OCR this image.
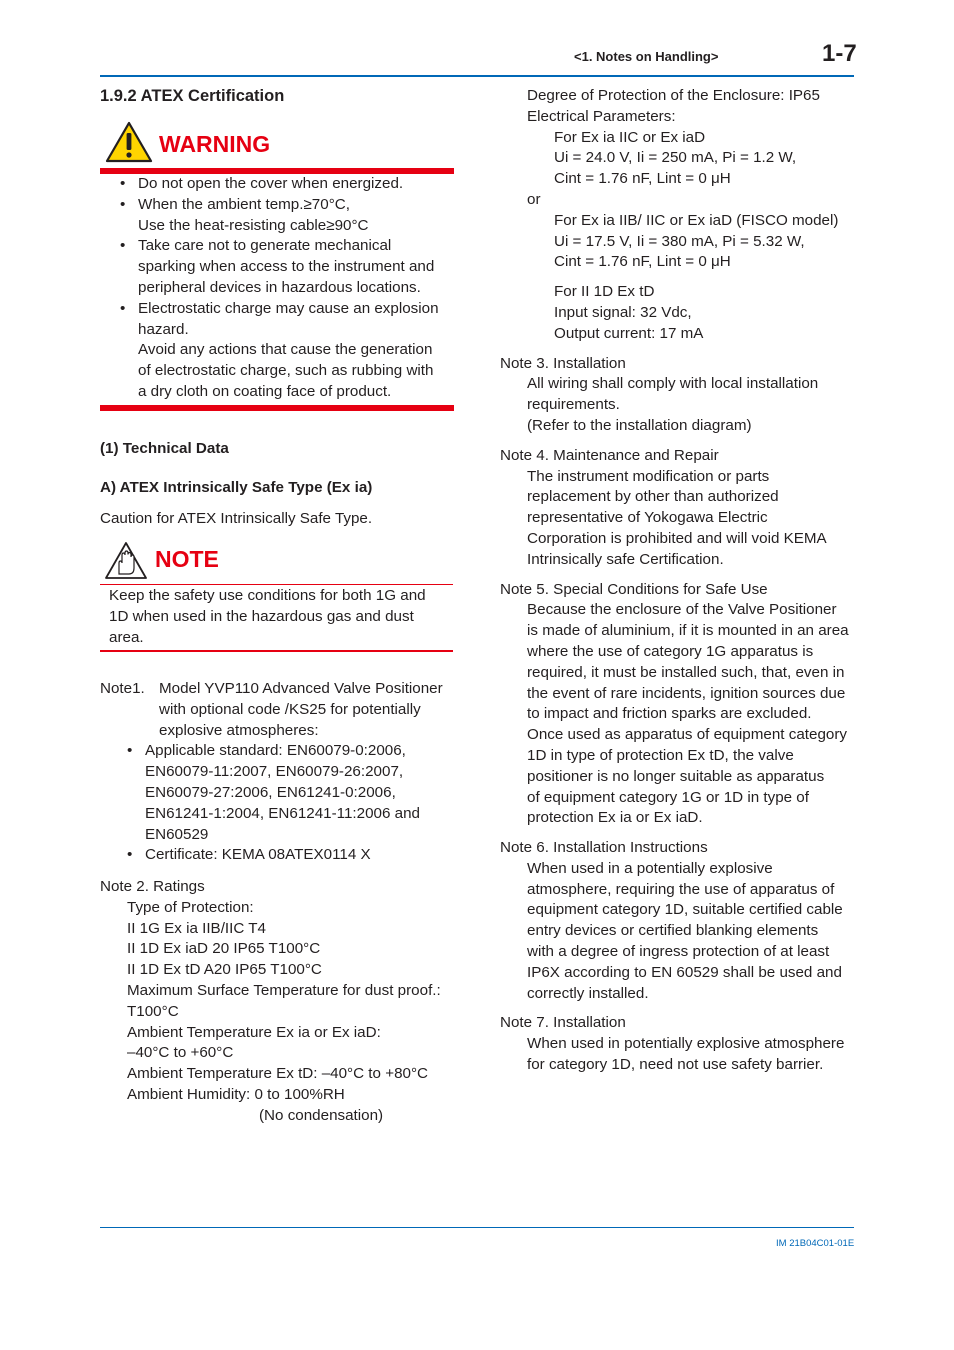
<1. Notes on Handling>	1-7
IM 21B04C01-01E

1.9.2 ATEX Certification

WARNING
• Do not open the cover when energized.
• When the ambient temp.≥70°C,
Use the heat-resisting cable≥90°C
• Take care not to generate mechanical
sparking when access to the instrument and
peripheral devices in hazardous locations.
• Electrostatic charge may cause an explosion
hazard.
Avoid any actions that cause the generation
of electrostatic charge, such as rubbing with
a dry cloth on coating face of product.

(1) Technical Data

A) ATEX Intrinsically Safe Type (Ex ia)

Caution for ATEX Intrinsically Safe Type.

NOTE

Keep the safety use conditions for both 1G and

1D when used in the hazardous gas and dust

area.

Note1. Model YVP110 Advanced Valve Positioner

with optional code /KS25 for potentially

explosive atmospheres:

• Applicable standard: EN60079-0:2006,
EN60079-11:2007, EN60079-26:2007,
EN60079-27:2006, EN61241-0:2006,
EN61241-1:2004, EN61241-11:2006 and
EN60529
• Certificate: KEMA 08ATEX0114 X

Note 2. Ratings

Type of Protection:

II 1G Ex ia IIB/IIC T4

II 1D Ex iaD 20 IP65 T100°C

II 1D Ex tD A20 IP65 T100°C

Maximum Surface Temperature for dust proof.:

T100°C

Ambient Temperature Ex ia or Ex iaD:

–40°C to +60°C

Ambient Temperature Ex tD: –40°C to +80°C

Ambient Humidity: 0 to 100%RH

(No condensation)

Degree of Protection of the Enclosure: IP65

Electrical Parameters:

For Ex ia IIC or Ex iaD

Ui = 24.0 V, Ii = 250 mA, Pi = 1.2 W,

Cint = 1.76 nF, Lint = 0 μH

or

For Ex ia IIB/ IIC or Ex iaD (FISCO model)

Ui = 17.5 V, Ii = 380 mA, Pi = 5.32 W,

Cint = 1.76 nF, Lint = 0 μH

For II 1D Ex tD

Input signal: 32 Vdc,

Output current: 17 mA

Note 3. Installation

All wiring shall comply with local installation

requirements.

(Refer to the installation diagram)

Note 4. Maintenance and Repair

The instrument modification or parts

replacement by other than authorized

representative of Yokogawa Electric

Corporation is prohibited and will void KEMA

Intrinsically safe Certification.

Note 5. Special Conditions for Safe Use

Because the enclosure of the Valve Positioner

is made of aluminium, if it is mounted in an area

where the use of category 1G apparatus is

required, it must be installed such, that, even in

the event of rare incidents, ignition sources due

to impact and friction sparks are excluded.

Once used as apparatus of equipment category

1D in type of protection Ex tD, the valve

positioner is no longer suitable as apparatus

of equipment category 1G or 1D in type of

protection Ex ia or Ex iaD.

Note 6. Installation Instructions

When used in a potentially explosive

atmosphere, requiring the use of apparatus of

equipment category 1D, suitable certified cable

entry devices or certified blanking elements

with a degree of ingress protection of at least

IP6X according to EN 60529 shall be used and

correctly installed.

Note 7. Installation

When used in potentially explosive atmosphere

for category 1D, need not use safety barrier.
